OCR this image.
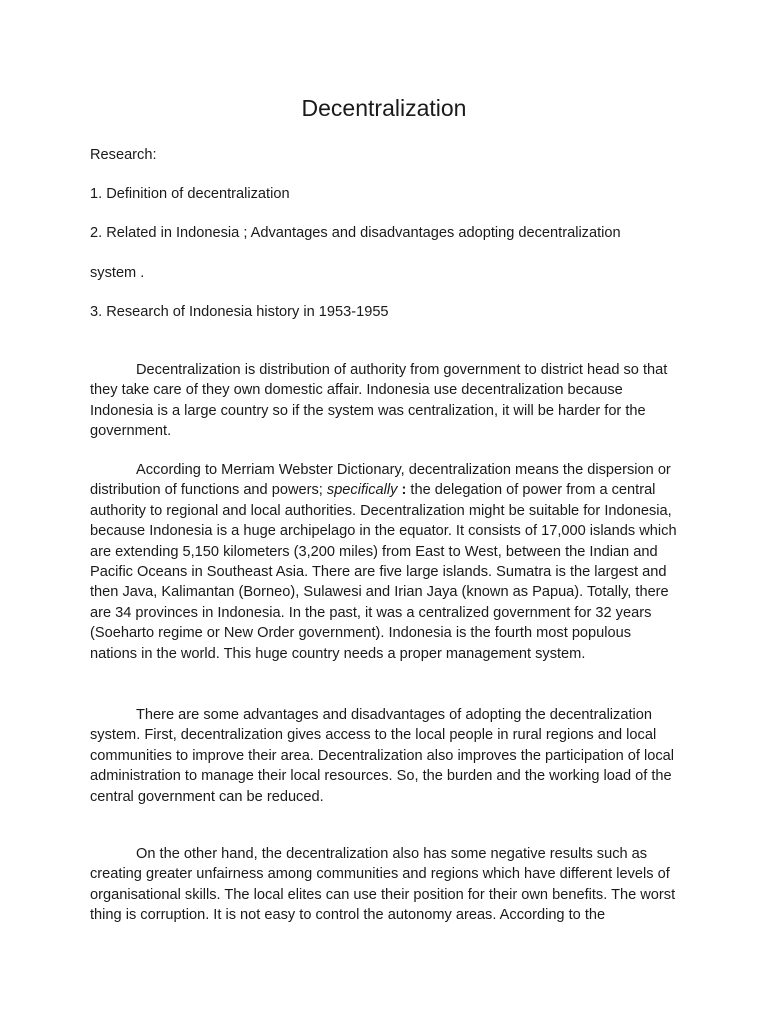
Decentralization

Research:

1. Definition of decentralization

2. Related in Indonesia ; Advantages and disadvantages adopting decentralization

system .

3. Research of Indonesia history in 1953-1955

Decentralization is distribution of authority from government to district head so that they take care of they own domestic affair. Indonesia use decentralization because Indonesia is a large country so if the system was centralization, it will be harder for the government.

According to Merriam Webster Dictionary, decentralization means the dispersion or distribution of functions and powers; specifically : the delegation of power from a central authority to regional and local authorities. Decentralization might be suitable for Indonesia, because Indonesia is a huge archipelago in the equator. It consists of 17,000 islands which are extending 5,150 kilometers (3,200 miles) from East to West, between the Indian and Pacific Oceans in Southeast Asia. There are five large islands. Sumatra is the largest and then Java, Kalimantan (Borneo), Sulawesi and Irian Jaya (known as Papua). Totally, there are 34 provinces in Indonesia. In the past, it was a centralized government for 32 years (Soeharto regime or New Order government). Indonesia is the fourth most populous nations in the world. This huge country needs a proper management system.

There are some advantages and disadvantages of adopting the decentralization system. First, decentralization gives access to the local people in rural regions and local communities to improve their area. Decentralization also improves the participation of local administration to manage their local resources. So, the burden and the working load of the central government can be reduced.

On the other hand, the decentralization also has some negative results such as creating greater unfairness among communities and regions which have different levels of organisational skills. The local elites can use their position for their own benefits. The worst thing is corruption. It is not easy to control the autonomy areas. According to the
